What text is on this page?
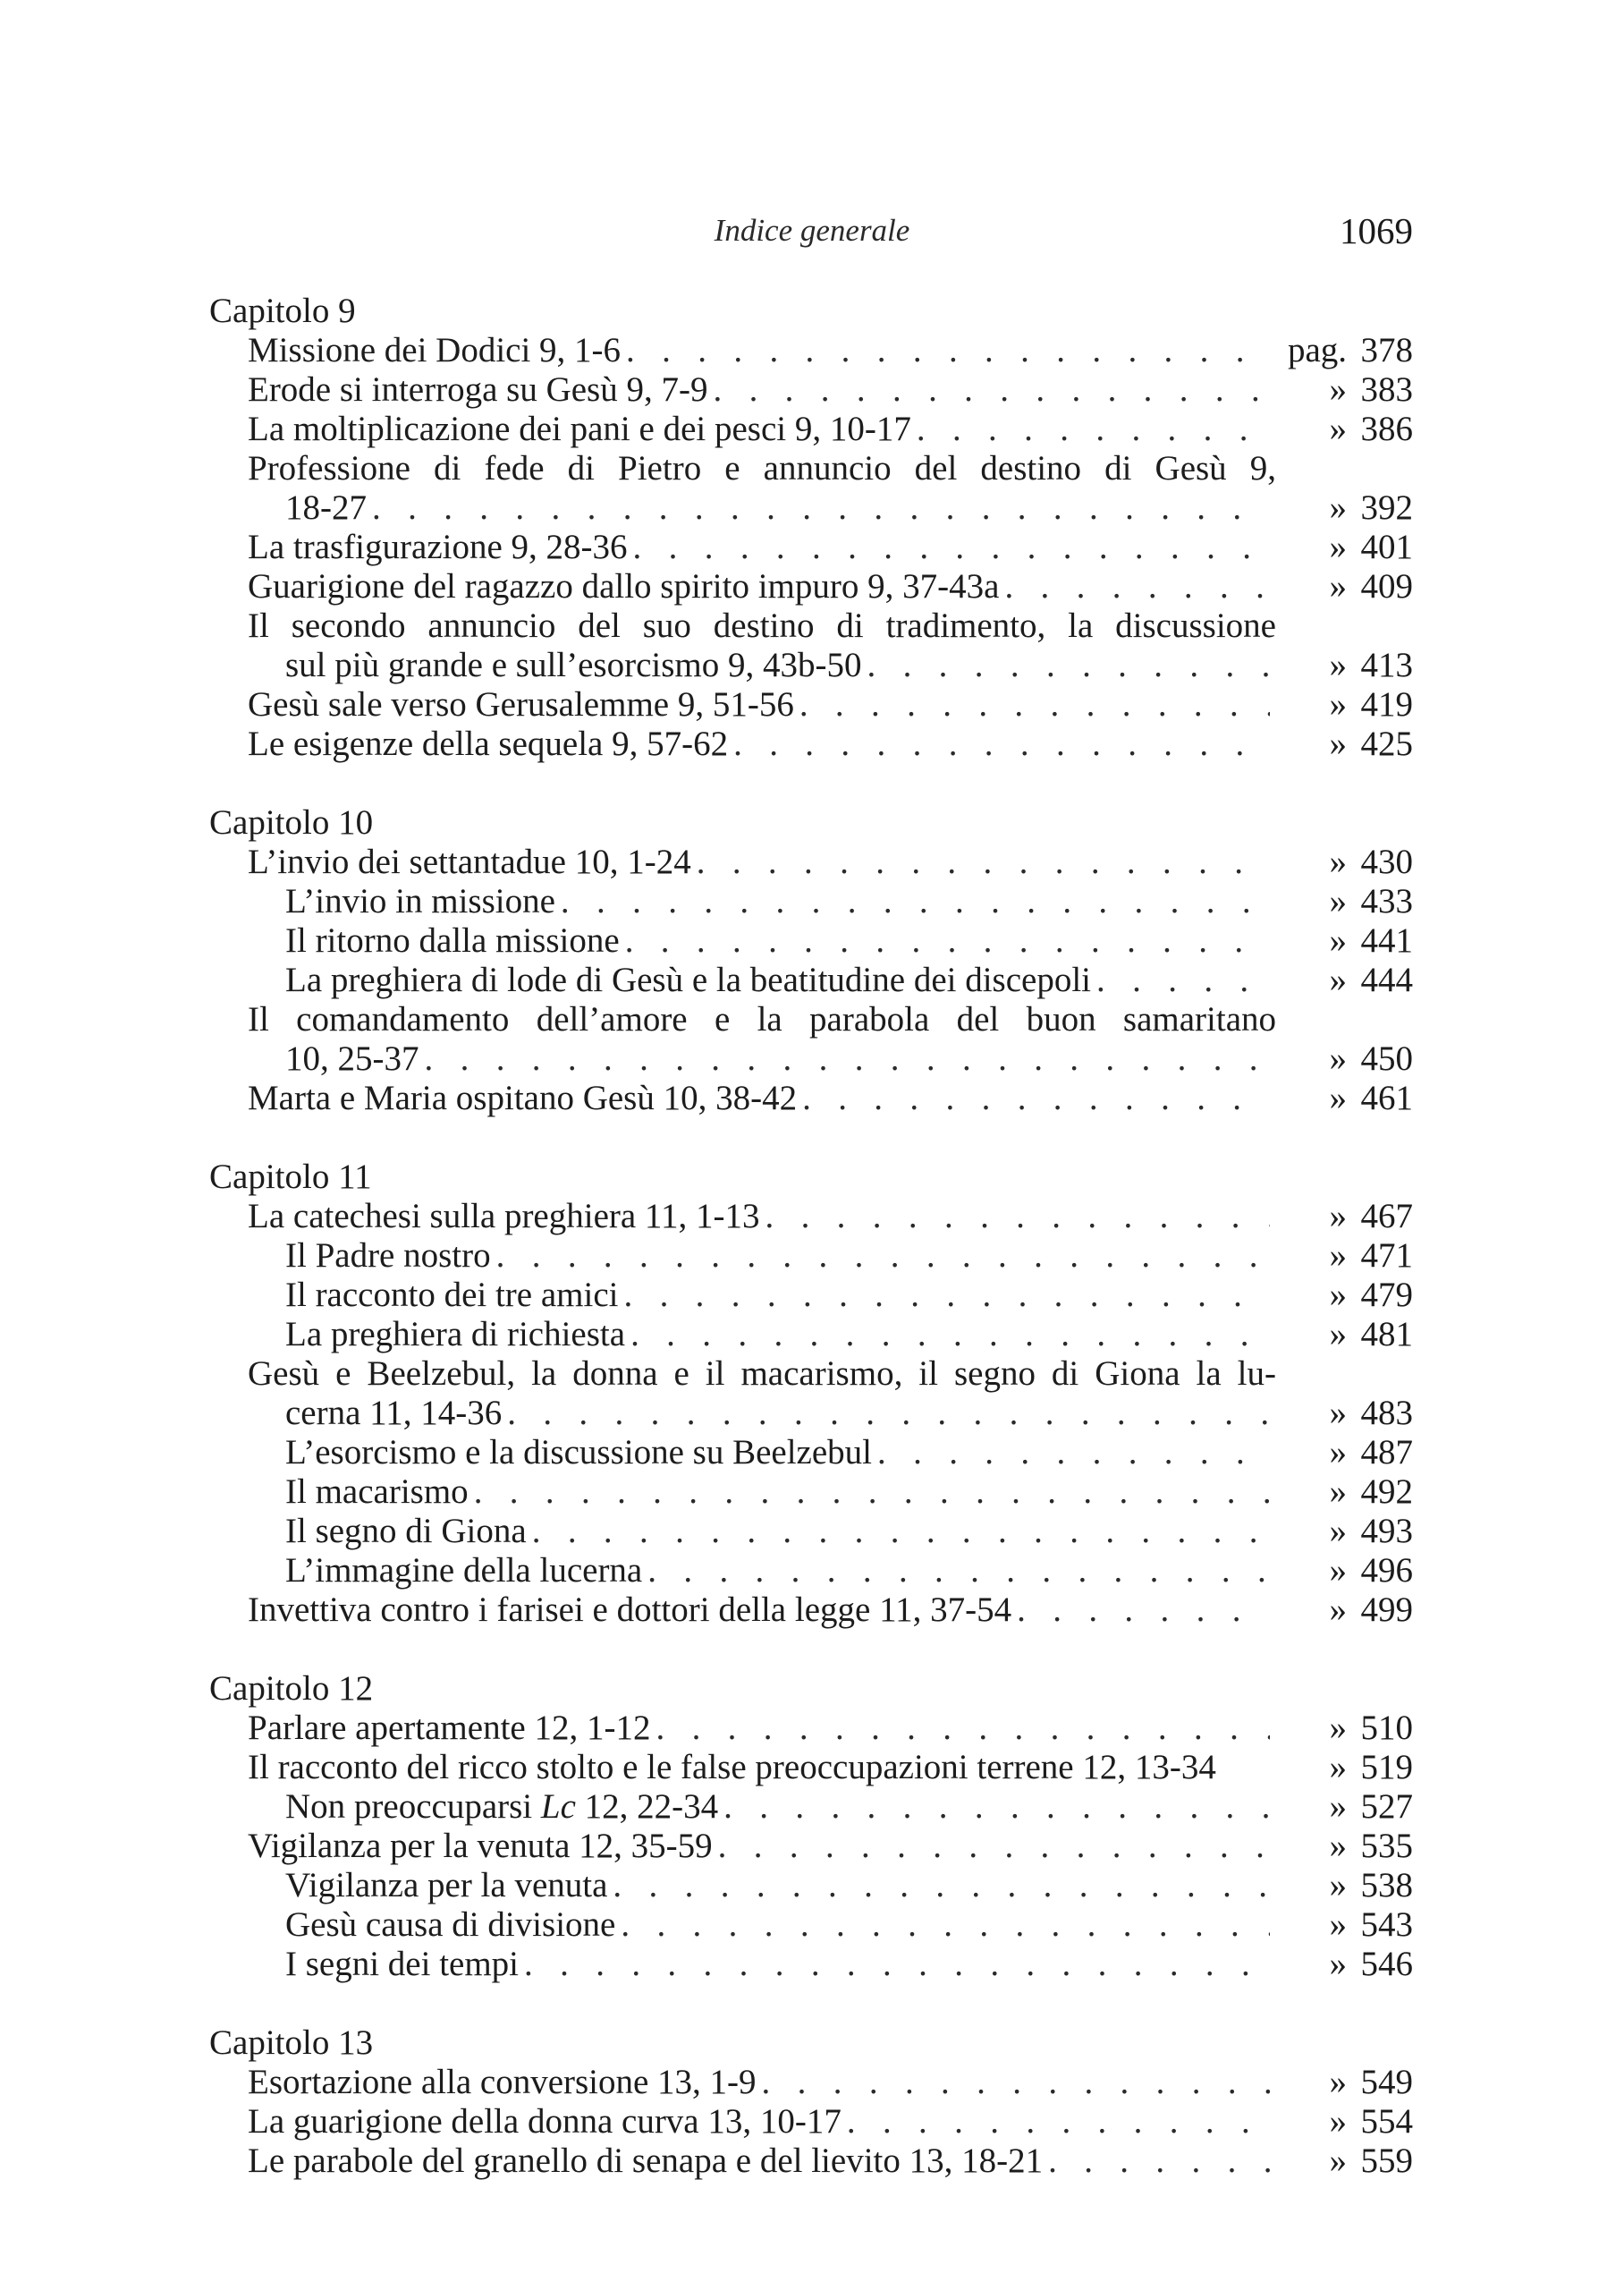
Indice generale	1069
Capitolo 9
Missione dei Dodici 9, 1-6 . . .	pag. 378
Erode si interroga su Gesù 9, 7-9 . . .	» 383
La moltiplicazione dei pani e dei pesci 9, 10-17 . . .	» 386
Professione di fede di Pietro e annuncio del destino di Gesù 9,
18-27 . . .	» 392
La trasfigurazione 9, 28-36 . . .	» 401
Guarigione del ragazzo dallo spirito impuro 9, 37-43a . . .	» 409
Il secondo annuncio del suo destino di tradimento, la discussione
sul più grande e sull’esorcismo 9, 43b-50 . . .	» 413
Gesù sale verso Gerusalemme 9, 51-56 . . .	» 419
Le esigenze della sequela 9, 57-62 . . .	» 425
Capitolo 10
L’invio dei settantadue 10, 1-24 . . .	» 430
L’invio in missione . . .	» 433
Il ritorno dalla missione . . .	» 441
La preghiera di lode di Gesù e la beatitudine dei discepoli . . .	» 444
Il comandamento dell’amore e la parabola del buon samaritano
10, 25-37 . . .	» 450
Marta e Maria ospitano Gesù 10, 38-42 . . .	» 461
Capitolo 11
La catechesi sulla preghiera 11, 1-13 . . .	» 467
Il Padre nostro . . .	» 471
Il racconto dei tre amici . . .	» 479
La preghiera di richiesta . . .	» 481
Gesù e Beelzebul, la donna e il macarismo, il segno di Giona la lu-
cerna 11, 14-36 . . .	» 483
L’esorcismo e la discussione su Beelzebul . . .	» 487
Il macarismo . . .	» 492
Il segno di Giona . . .	» 493
L’immagine della lucerna . . .	» 496
Invettiva contro i farisei e dottori della legge 11, 37-54 . . .	» 499
Capitolo 12
Parlare apertamente 12, 1-12 . . .	» 510
Il racconto del ricco stolto e le false preoccupazioni terrene 12, 13-34	» 519
Non preoccuparsi Lc 12, 22-34 . . .	» 527
Vigilanza per la venuta 12, 35-59 . . .	» 535
Vigilanza per la venuta . . .	» 538
Gesù causa di divisione . . .	» 543
I segni dei tempi . . .	» 546
Capitolo 13
Esortazione alla conversione 13, 1-9 . . .	» 549
La guarigione della donna curva 13, 10-17 . . .	» 554
Le parabole del granello di senapa e del lievito 13, 18-21 . . .	» 559
